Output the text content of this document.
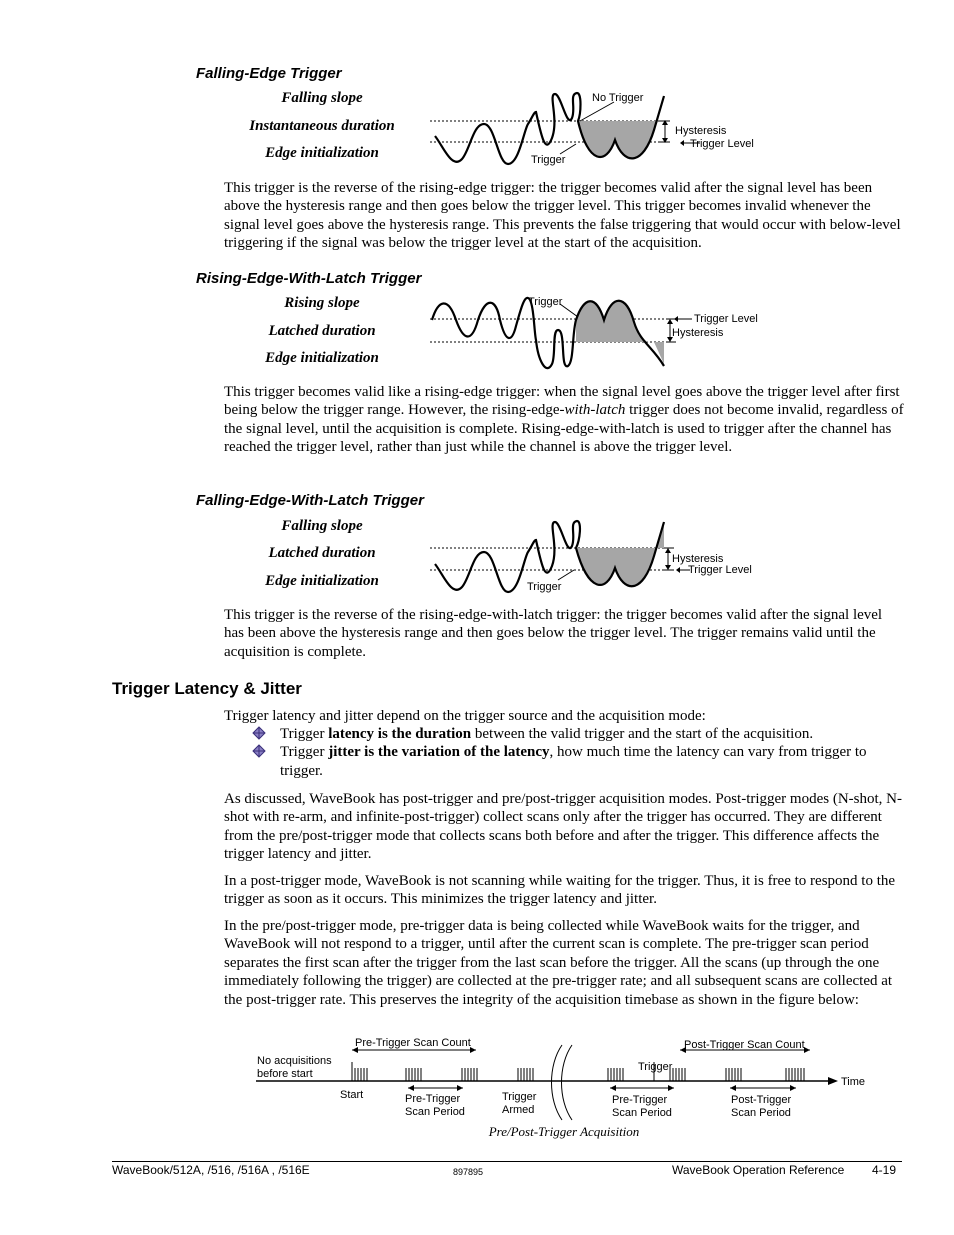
Falling-Edge Trigger
Falling slope
Instantaneous duration
Edge initialization
No Trigger
Trigger
Hysteresis
Trigger Level

This trigger is the reverse of the rising-edge trigger: the trigger becomes valid after the signal level has been above the hysteresis range and then goes below the trigger level. This trigger becomes invalid whenever the signal level goes above the hysteresis range. This prevents the false triggering that would occur with below-level triggering if the signal was below the trigger level at the start of the acquisition.

Rising-Edge-With-Latch Trigger
Rising slope
Latched duration
Edge initialization
Trigger
Trigger Level
Hysteresis

This trigger becomes valid like a rising-edge trigger: when the signal level goes above the trigger level after first being below the trigger range. However, the rising-edge-with-latch trigger does not become invalid, regardless of the signal level, until the acquisition is complete. Rising-edge-with-latch is used to trigger after the channel has reached the trigger level, rather than just while the channel is above the trigger level.

Falling-Edge-With-Latch Trigger
Falling slope
Latched duration
Edge initialization
Hysteresis
Trigger Level
Trigger

This trigger is the reverse of the rising-edge-with-latch trigger: the trigger becomes valid after the signal level has been above the hysteresis range and then goes below the trigger level. The trigger remains valid until the acquisition is complete.

Trigger Latency & Jitter

Trigger latency and jitter depend on the trigger source and the acquisition mode:

Trigger latency is the duration between the valid trigger and the start of the acquisition.
Trigger jitter is the variation of the latency, how much time the latency can vary from trigger to trigger.

As discussed, WaveBook has post-trigger and pre/post-trigger acquisition modes. Post-trigger modes (N-shot, N-shot with re-arm, and infinite-post-trigger) collect scans only after the trigger has occurred. They are different from the pre/post-trigger mode that collects scans both before and after the trigger. This difference affects the trigger latency and jitter.

In a post-trigger mode, WaveBook is not scanning while waiting for the trigger. Thus, it is free to respond to the trigger as soon as it occurs. This minimizes the trigger latency and jitter.

In the pre/post-trigger mode, pre-trigger data is being collected while WaveBook waits for the trigger, and WaveBook will not respond to a trigger, until after the current scan is complete. The pre-trigger scan period separates the first scan after the trigger from the last scan before the trigger. All the scans (up through the one immediately following the trigger) are collected at the pre-trigger rate; and all subsequent scans are collected at the post-trigger rate. This preserves the integrity of the acquisition timebase as shown in the figure below:

No acquisitions
before start
Pre-Trigger Scan Count	Post-Trigger Scan Count
Start	Pre-Trigger
Scan Period
Trigger
Armed
Trigger
Pre-Trigger
Scan Period
Post-Trigger
Scan Period
Time
Pre/Post-Trigger Acquisition
WaveBook/512A, /516, /516A , /516E	897895	WaveBook Operation Reference 4-19
